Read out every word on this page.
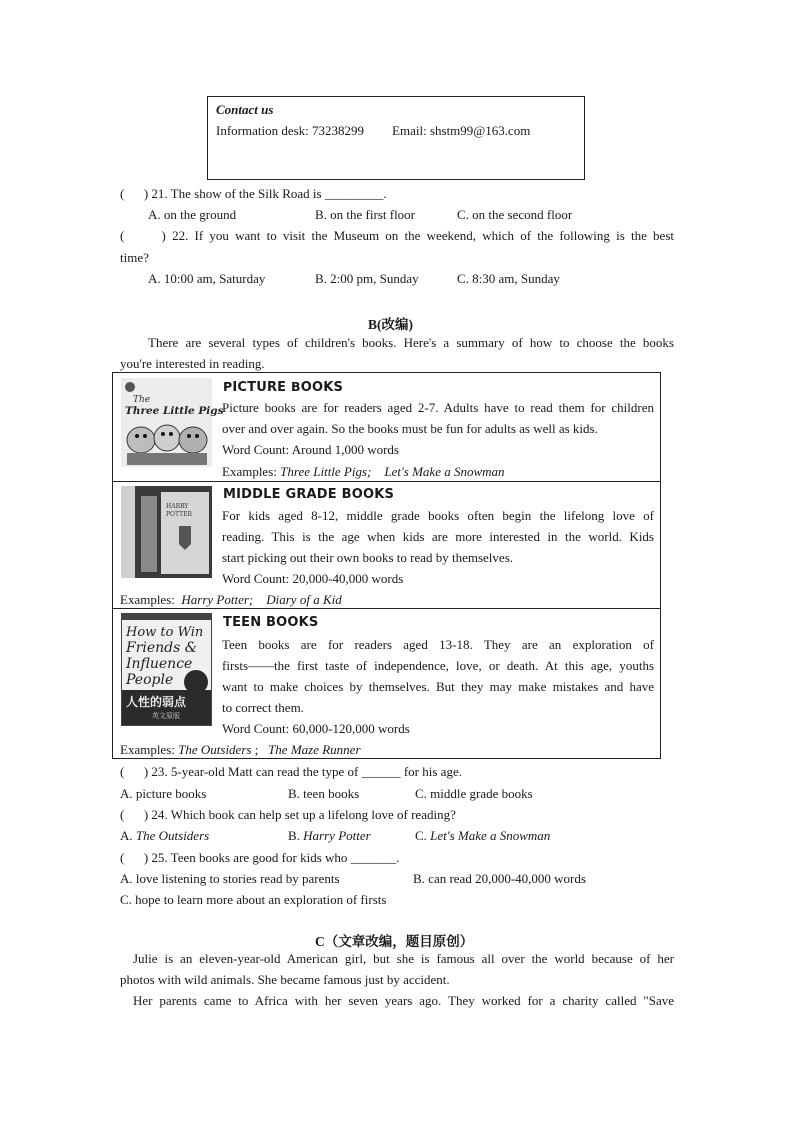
Contact us
Information desk: 73238299 Email: shstm99@163.com
(      ) 21. The show of the Silk Road is _________.
A. on the ground	B. on the first floor	C. on the second floor
(      ) 22. If you want to visit the Museum on the weekend, which of the following is the best
time?
A. 10:00 am, Saturday	B. 2:00 pm, Sunday	C. 8:30 am, Sunday
B(改编)
There are several types of children's books. Here's a summary of how to choose the books
you're interested in reading.
The
Three Little Pigs
PICTURE BOOKS
Picture books are for readers aged 2-7. Adults have to read them for children
over and over again. So the books must be fun for adults as well as kids.
Word Count: Around 1,000 words
Examples: Three Little Pigs; Let's Make a Snowman
HARRY
POTTER
MIDDLE GRADE BOOKS
For kids aged 8-12, middle grade books often begin the lifelong love of
reading. This is the age when kids are more interested in the world. Kids
start picking out their own books to read by themselves.
Word Count: 20,000-40,000 words
Examples:  Harry Potter; Diary of a Kid
How to Win
Friends &
Influence
People
人性的弱点
英文原版
TEEN BOOKS
Teen books are for readers aged 13-18. They are an exploration of
firsts——the first taste of independence, love, or death. At this age, youths
want to make choices by themselves. But they may make mistakes and have
to correct them.
Word Count: 60,000-120,000 words
Examples: The Outsiders ; The Maze Runner
(      ) 23. 5-year-old Matt can read the type of ______ for his age.
A. picture books	B. teen books	C. middle grade books
(      ) 24. Which book can help set up a lifelong love of reading?
A. The Outsiders	B. Harry Potter	C. Let's Make a Snowman
(      ) 25. Teen books are good for kids who _______.
A. love listening to stories read by parents	B. can read 20,000-40,000 words
C. hope to learn more about an exploration of firsts
C（文章改编，题目原创）
Julie is an eleven-year-old American girl, but she is famous all over the world because of her
photos with wild animals. She became famous just by accident.
Her parents came to Africa with her seven years ago. They worked for a charity called "Save
